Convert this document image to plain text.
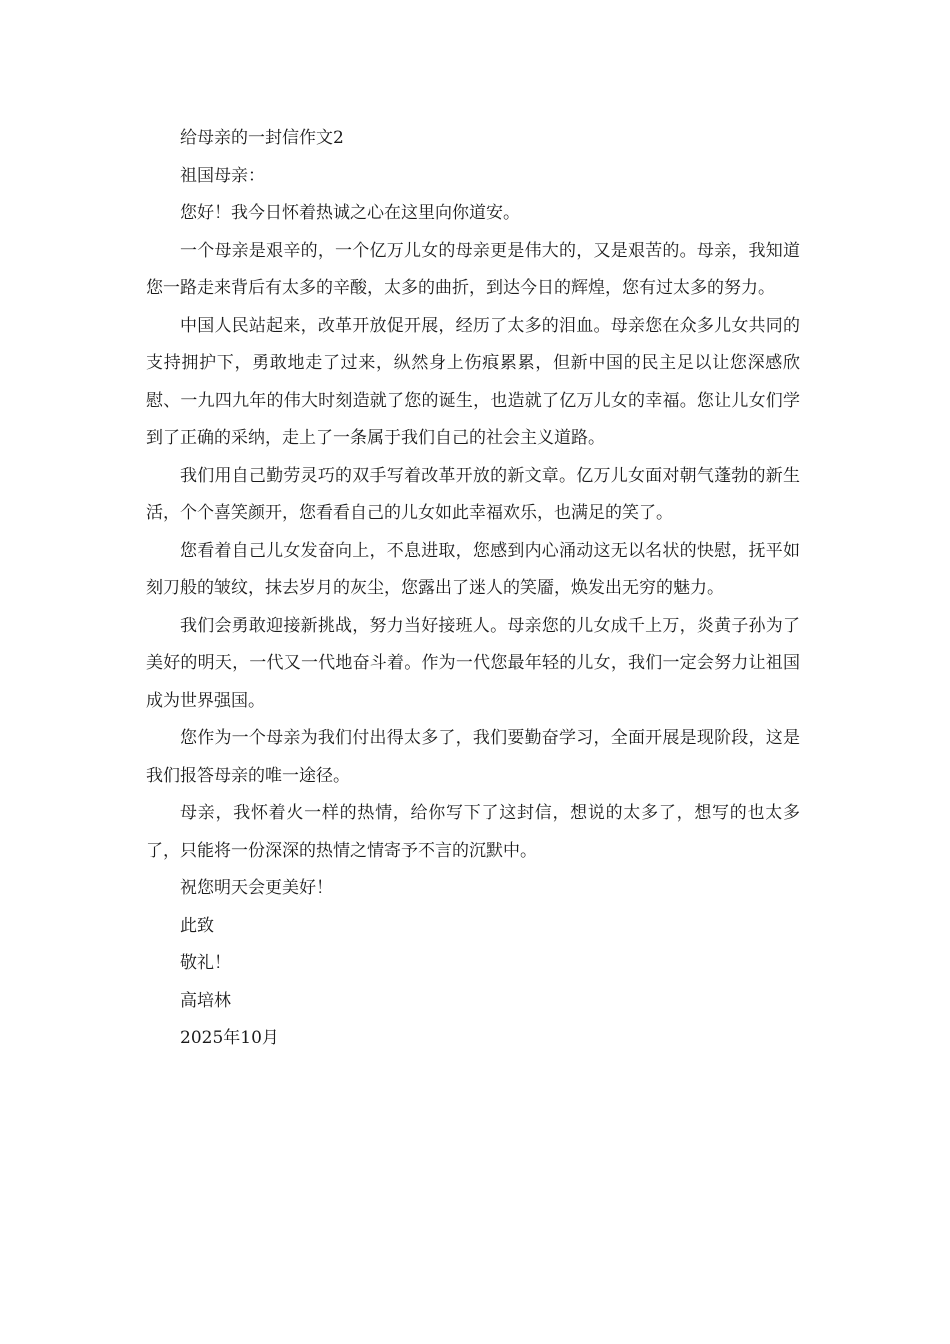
给母亲的一封信作文2

祖国母亲：

您好！我今日怀着热诚之心在这里向你道安。

一个母亲是艰辛的，一个亿万儿女的母亲更是伟大的，又是艰苦的。母亲，我知道您一路走来背后有太多的辛酸，太多的曲折，到达今日的辉煌，您有过太多的努力。

中国人民站起来，改革开放促开展，经历了太多的泪血。母亲您在众多儿女共同的支持拥护下，勇敢地走了过来，纵然身上伤痕累累，但新中国的民主足以让您深感欣慰、一九四九年的伟大时刻造就了您的诞生，也造就了亿万儿女的幸福。您让儿女们学到了正确的采纳，走上了一条属于我们自己的社会主义道路。

我们用自己勤劳灵巧的双手写着改革开放的新文章。亿万儿女面对朝气蓬勃的新生活，个个喜笑颜开，您看看自己的儿女如此幸福欢乐，也满足的笑了。

您看着自己儿女发奋向上，不息进取，您感到内心涌动这无以名状的快慰，抚平如刻刀般的皱纹，抹去岁月的灰尘，您露出了迷人的笑靥，焕发出无穷的魅力。

我们会勇敢迎接新挑战，努力当好接班人。母亲您的儿女成千上万，炎黄子孙为了美好的明天，一代又一代地奋斗着。作为一代您最年轻的儿女，我们一定会努力让祖国成为世界强国。

您作为一个母亲为我们付出得太多了，我们要勤奋学习，全面开展是现阶段，这是我们报答母亲的唯一途径。

母亲，我怀着火一样的热情，给你写下了这封信，想说的太多了，想写的也太多了，只能将一份深深的热情之情寄予不言的沉默中。

祝您明天会更美好！

此致

敬礼！

高培林

2025年10月
